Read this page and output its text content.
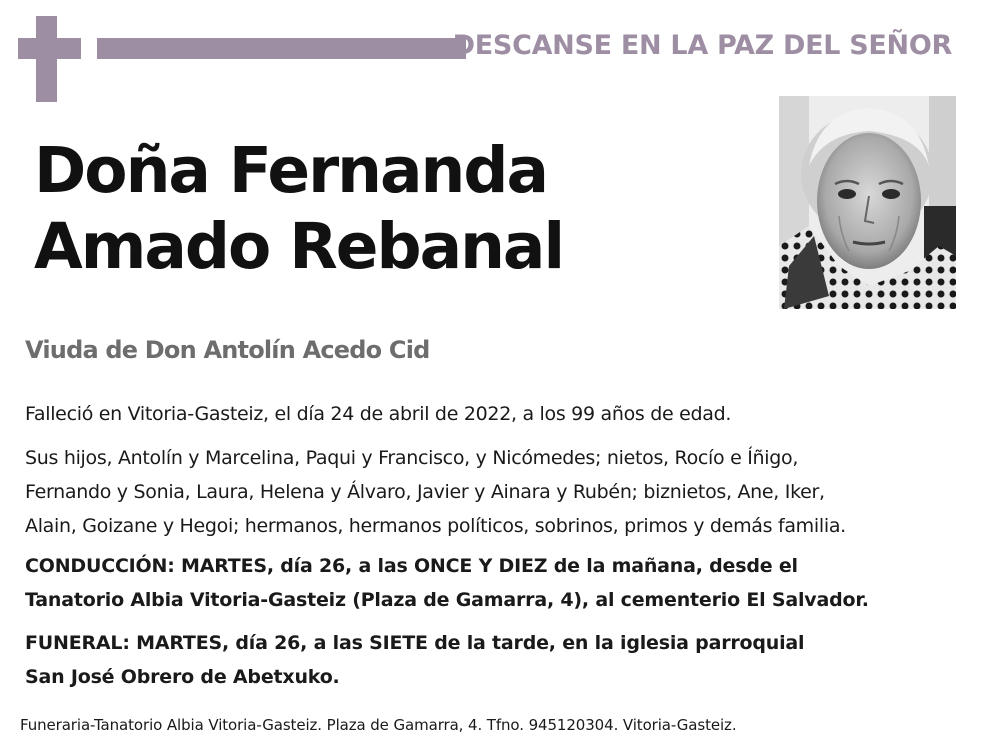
DESCANSE EN LA PAZ DEL SEÑOR
Doña Fernanda
Amado Rebanal
Viuda de Don Antolín Acedo Cid
Falleció en Vitoria-Gasteiz, el día 24 de abril de 2022, a los 99 años de edad.
Sus hijos, Antolín y Marcelina, Paqui y Francisco, y Nicómedes; nietos, Rocío e Íñigo,
Fernando y Sonia, Laura, Helena y Álvaro, Javier y Ainara y Rubén; biznietos, Ane, Iker,
Alain, Goizane y Hegoi; hermanos, hermanos políticos, sobrinos, primos y demás familia.
CONDUCCIÓN: MARTES, día 26, a las ONCE Y DIEZ de la mañana, desde el
Tanatorio Albia Vitoria-Gasteiz (Plaza de Gamarra, 4), al cementerio El Salvador.
FUNERAL: MARTES, día 26, a las SIETE de la tarde, en la iglesia parroquial
San José Obrero de Abetxuko.
Funeraria-Tanatorio Albia Vitoria-Gasteiz. Plaza de Gamarra, 4. Tfno. 945120304. Vitoria-Gasteiz.
